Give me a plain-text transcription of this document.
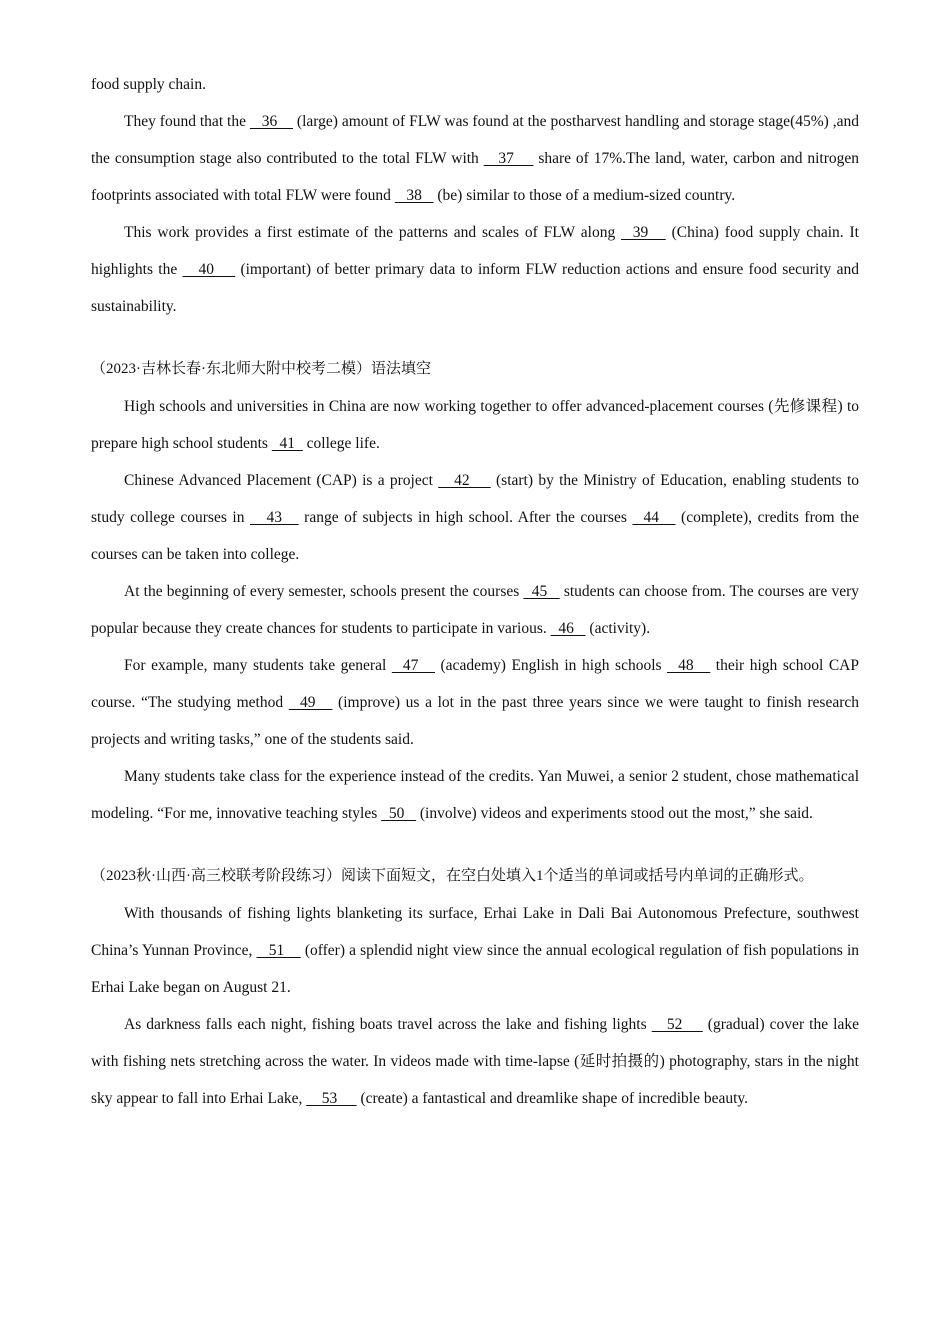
food supply chain.

They found that the    36     (large) amount of FLW was found at the postharvest handling and storage stage(45%) ,and the consumption stage also contributed to the total FLW with    37     share of 17%.The land, water, carbon and nitrogen footprints associated with total FLW were found    38    (be) similar to those of a medium-sized country.

This work provides a first estimate of the patterns and scales of FLW along   39    (China) food supply chain. It highlights the    40     (important) of better primary data to inform FLW reduction actions and ensure food security and sustainability.

（2023·吉林长春·东北师大附中校考二模）语法填空

High schools and universities in China are now working together to offer advanced-placement courses (先修课程) to prepare high school students   41   college life.

Chinese Advanced Placement (CAP) is a project    42     (start) by the Ministry of Education, enabling students to study college courses in    43    range of subjects in high school. After the courses   44    (complete), credits from the courses can be taken into college.

At the beginning of every semester, schools present the courses   45    students can choose from. The courses are very popular because they create chances for students to participate in various.   46    (activity).

For example, many students take general   47    (academy) English in high schools   48    their high school CAP course. “The studying method   49    (improve) us a lot in the past three years since we were taught to finish research projects and writing tasks,” one of the students said.

Many students take class for the experience instead of the credits. Yan Muwei, a senior 2 student, chose mathematical modeling. “For me, innovative teaching styles   50    (involve) videos and experiments stood out the most,” she said.

（2023秋·山西·高三校联考阶段练习）阅读下面短文，在空白处填入1个适当的单词或括号内单词的正确形式。

With thousands of fishing lights blanketing its surface, Erhai Lake in Dali Bai Autonomous Prefecture, southwest China’s Yunnan Province,    51     (offer) a splendid night view since the annual ecological regulation of fish populations in Erhai Lake began on August 21.

As darkness falls each night, fishing boats travel across the lake and fishing lights    52     (gradual) cover the lake with fishing nets stretching across the water. In videos made with time-lapse (延时拍摄的) photography, stars in the night sky appear to fall into Erhai Lake,     53      (create) a fantastical and dreamlike shape of incredible beauty.
